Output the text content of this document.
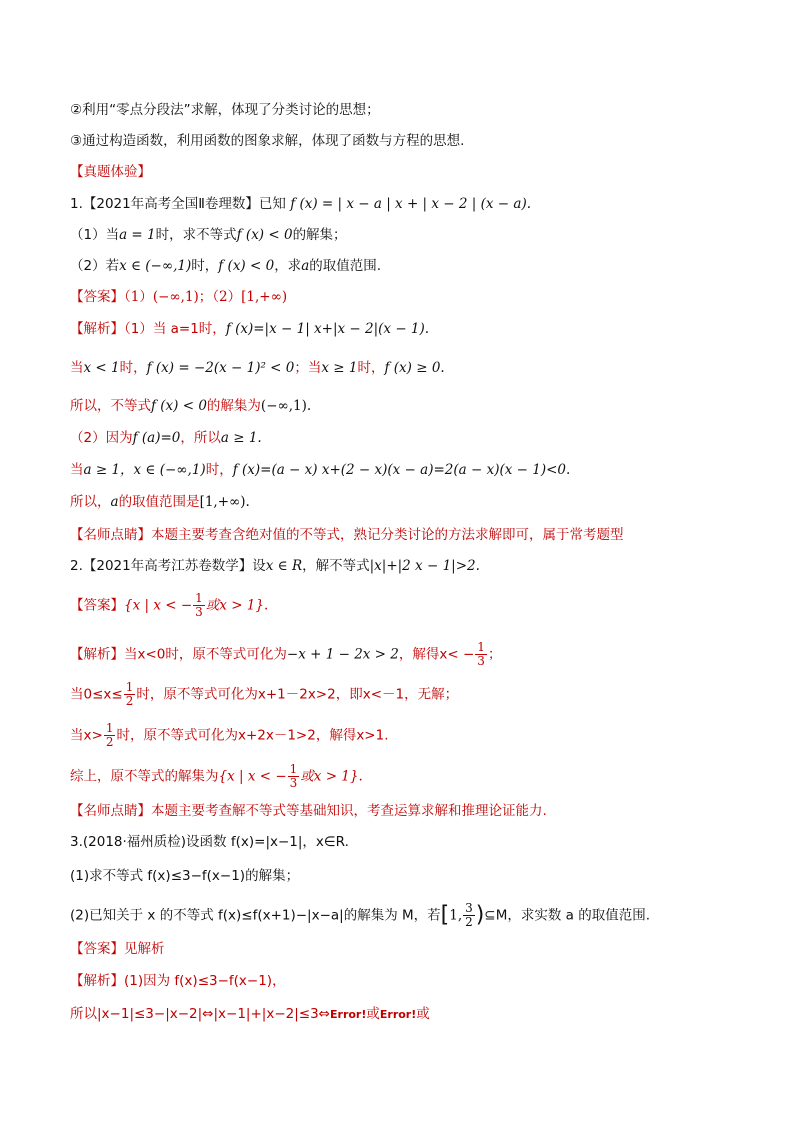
②利用“零点分段法”求解，体现了分类讨论的思想；
③通过构造函数，利用函数的图象求解，体现了函数与方程的思想.
【真题体验】
1.【2021年高考全国Ⅱ卷理数】已知 f (x) = | x − a | x + | x − 2 | (x − a).
（1）当a = 1时，求不等式f (x) < 0的解集；
（2）若x ∈ (−∞,1)时，f (x) < 0，求a的取值范围.
【答案】（1）(−∞,1)；（2）[1,+∞)
【解析】（1）当 a=1时，f (x)=|x − 1| x+|x − 2|(x − 1).
当x < 1时，f (x) = −2(x − 1)² < 0；当x ≥ 1时，f (x) ≥ 0.
所以，不等式f (x) < 0的解集为(−∞,1).
（2）因为f (a)=0，所以a ≥ 1.
当a ≥ 1，x ∈ (−∞,1)时，f (x)=(a − x) x+(2 − x)(x − a)=2(a − x)(x − 1)<0.
所以，a的取值范围是[1,+∞).
【名师点睛】本题主要考查含绝对值的不等式，熟记分类讨论的方法求解即可，属于常考题型
2.【2021年高考江苏卷数学】设x ∈ R，解不等式|x|+|2 x − 1|>2.
【答案】{x | x < − $\frac{1}{3}$ 或x > 1}.
【解析】当x<0时，原不等式可化为−x + 1 − 2x > 2，解得$x< - \frac{1}{3}$ ；
当$0\le x\le \frac{1}{2}$ 时，原不等式可化为x+1－2x>2，即x<－1，无解；
当$x> \frac{1}{2}$ 时，原不等式可化为x+2x－1>2，解得x>1.
综上，原不等式的解集为{x | x < − $\frac{1}{3}$ 或x > 1}.
【名师点睛】本题主要考查解不等式等基础知识，考查运算求解和推理论证能力.
3.(2018·福州质检)设函数 f(x)=|x−1|，x∈R.
(1)求不等式 f(x)≤3−f(x−1)的解集；
(2)已知关于 x 的不等式 f(x)≤f(x+1)−|x−a|的解集为 M，若[1, $\frac{3}{2}$ )⊆M，求实数 a 的取值范围.
【答案】见解析
【解析】(1)因为 f(x)≤3−f(x−1)，
所以|x−1|≤3−|x−2|⇔|x−1|+|x−2|≤3⇔Error!或Error!或
